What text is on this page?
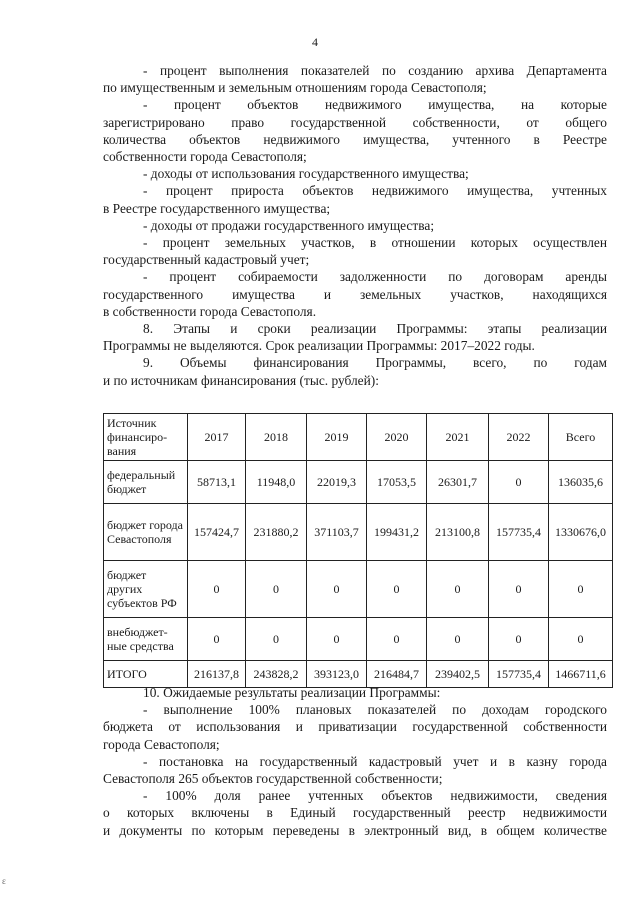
4

- процент выполнения показателей по созданию архива Департамента

по имущественным и земельным отношениям города Севастополя;

- процент объектов недвижимого имущества, на которые

зарегистрировано право государственной собственности, от общего

количества объектов недвижимого имущества, учтенного в Реестре

собственности города Севастополя;

- доходы от использования государственного имущества;

- процент прироста объектов недвижимого имущества, учтенных

в Реестре государственного имущества;

- доходы от продажи государственного имущества;

- процент земельных участков, в отношении которых осуществлен

государственный кадастровый учет;

- процент собираемости задолженности по договорам аренды

государственного имущества и земельных участков, находящихся

в собственности города Севастополя.

8. Этапы и сроки реализации Программы: этапы реализации

Программы не выделяются. Срок реализации Программы: 2017–2022 годы.

9. Объемы финансирования Программы, всего, по годам

и по источникам финансирования (тыс. рублей):

Источник финансиро-вания	2017	2018	2019	2020	2021	2022	Всего
федеральный бюджет	58713,1	11948,0	22019,3	17053,5	26301,7	0	136035,6
бюджет города Севастополя	157424,7	231880,2	371103,7	199431,2	213100,8	157735,4	1330676,0
бюджет других субъектов РФ	0	0	0	0	0	0	0
внебюджет-ные средства	0	0	0	0	0	0	0
ИТОГО	216137,8	243828,2	393123,0	216484,7	239402,5	157735,4	1466711,6

10. Ожидаемые результаты реализации Программы:

- выполнение 100% плановых показателей по доходам городского

бюджета от использования и приватизации государственной собственности

города Севастополя;

- постановка на государственный кадастровый учет и в казну города

Севастополя 265 объектов государственной собственности;

- 100% доля ранее учтенных объектов недвижимости, сведения

о которых включены в Единый государственный реестр недвижимости

и документы по которым переведены в электронный вид, в общем количестве

ɛ
